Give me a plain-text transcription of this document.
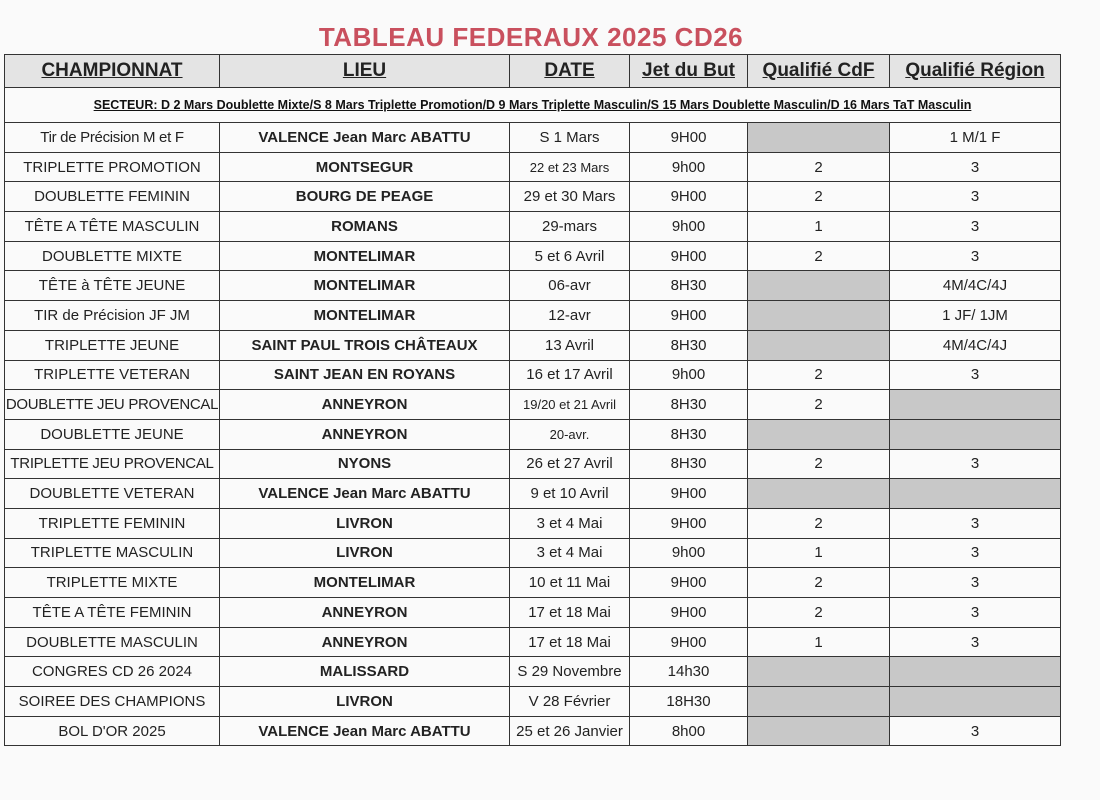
TABLEAU FEDERAUX 2025 CD26
CHAMPIONNAT	LIEU	DATE	Jet du But	Qualifié CdF	Qualifié Région
SECTEUR: D 2 Mars Doublette Mixte/S 8 Mars Triplette Promotion/D 9 Mars Triplette Masculin/S 15 Mars Doublette Masculin/D 16 Mars TaT Masculin					
Tir de Précision M et F	VALENCE Jean Marc ABATTU	S 1 Mars	9H00		1 M/1 F
TRIPLETTE PROMOTION	MONTSEGUR	22 et 23 Mars	9h00	2	3
DOUBLETTE FEMININ	BOURG DE PEAGE	29 et 30 Mars	9H00	2	3
TÊTE A TÊTE MASCULIN	ROMANS	29-mars	9h00	1	3
DOUBLETTE MIXTE	MONTELIMAR	5 et 6 Avril	9H00	2	3
TÊTE à TÊTE JEUNE	MONTELIMAR	06-avr	8H30		4M/4C/4J
TIR de Précision JF JM	MONTELIMAR	12-avr	9H00		1 JF/ 1JM
TRIPLETTE JEUNE	SAINT PAUL TROIS CHÂTEAUX	13 Avril	8H30		4M/4C/4J
TRIPLETTE VETERAN	SAINT JEAN EN ROYANS	16 et 17 Avril	9h00	2	3
DOUBLETTE JEU PROVENCAL	ANNEYRON	19/20 et 21 Avril	8H30	2	
DOUBLETTE JEUNE	ANNEYRON	20-avr.	8H30		
TRIPLETTE JEU PROVENCAL	NYONS	26 et 27 Avril	8H30	2	3
DOUBLETTE VETERAN	VALENCE Jean Marc ABATTU	9 et 10 Avril	9H00		
TRIPLETTE FEMININ	LIVRON	3 et 4 Mai	9H00	2	3
TRIPLETTE MASCULIN	LIVRON	3 et 4 Mai	9h00	1	3
TRIPLETTE MIXTE	MONTELIMAR	10 et 11 Mai	9H00	2	3
TÊTE A TÊTE FEMININ	ANNEYRON	17 et 18 Mai	9H00	2	3
DOUBLETTE MASCULIN	ANNEYRON	17 et 18 Mai	9H00	1	3
CONGRES CD 26 2024	MALISSARD	S 29 Novembre	14h30		
SOIREE DES CHAMPIONS	LIVRON	V 28 Février	18H30		
BOL D'OR 2025	VALENCE Jean Marc ABATTU	25 et 26 Janvier	8h00		3
